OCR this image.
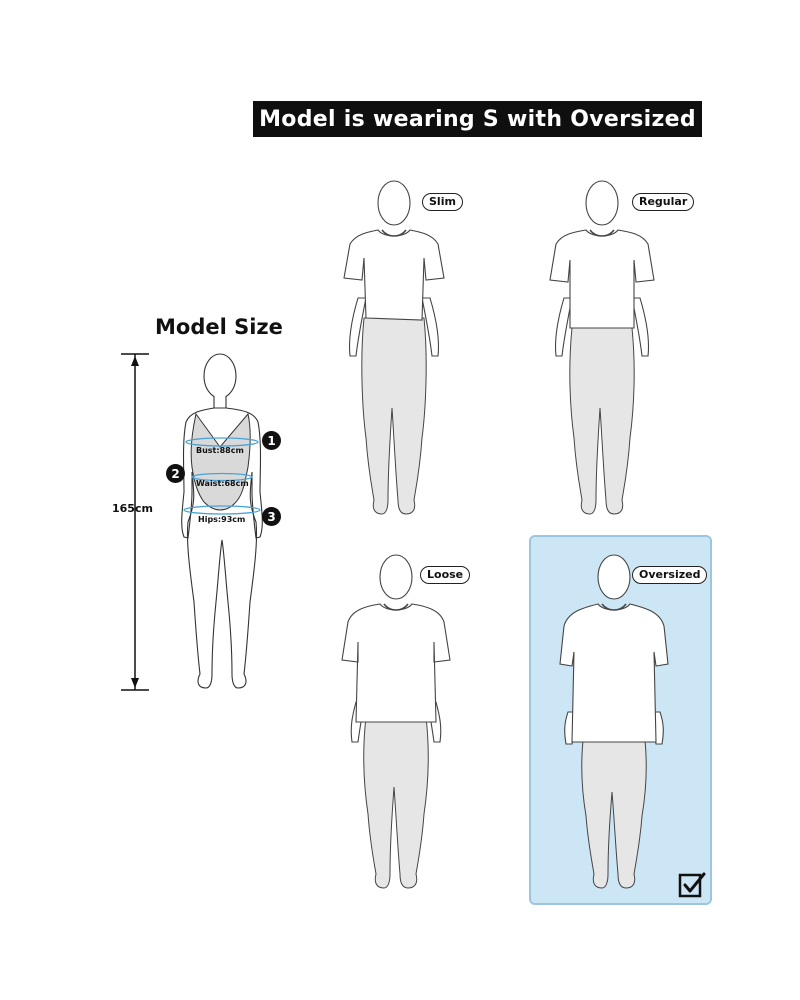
Model is wearing S with Oversized
Model Size
165cm
Bust:88cm
Waist:68cm
Hips:93cm
1
2
3
Slim	Regular
Loose	Oversized
